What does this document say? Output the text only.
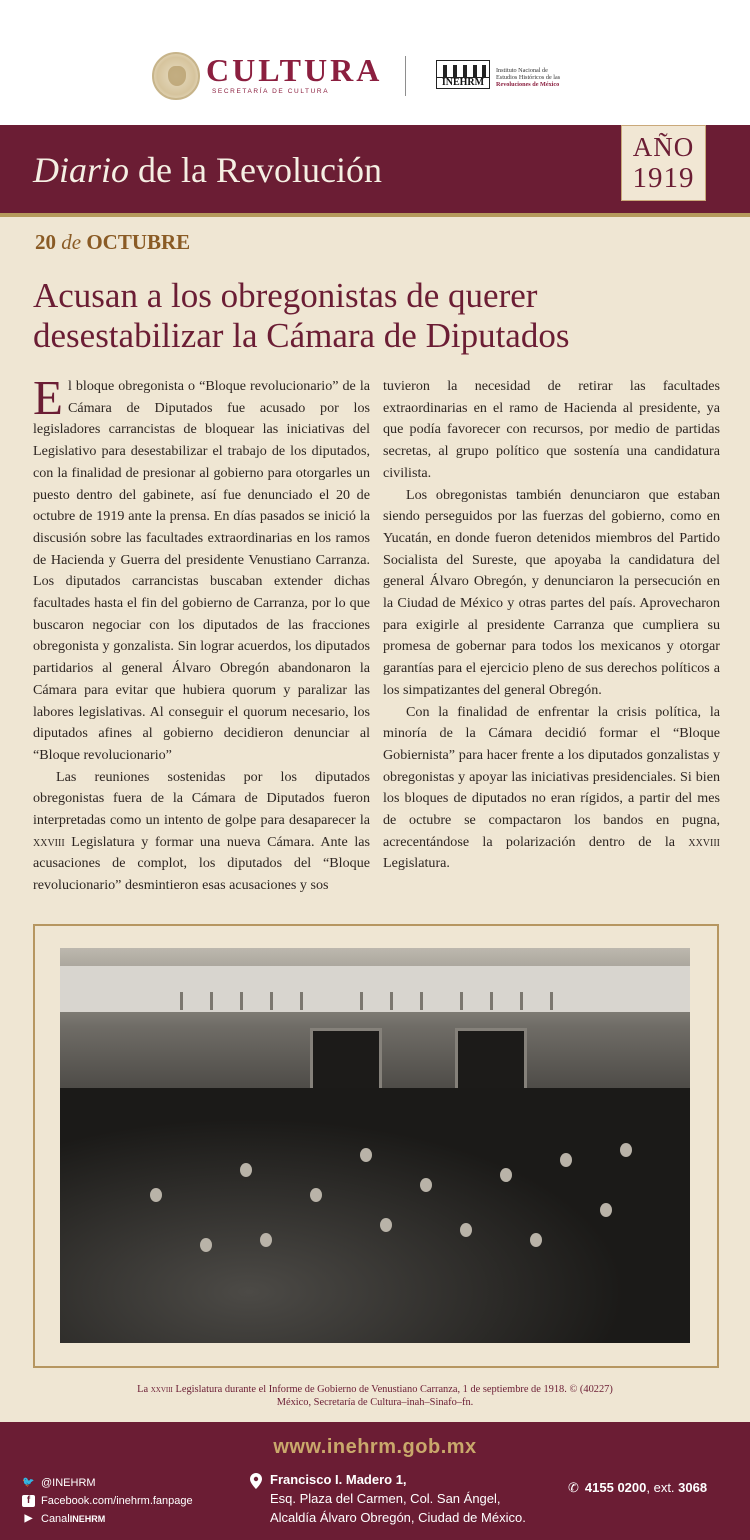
CULTURA
SECRETARÍA DE CULTURA
INEHRM
Instituto Nacional de
Estudios Históricos de las
Revoluciones de México
Diario de la Revolución
AÑO
1919
20 de OCTUBRE
Acusan a los obregonistas de querer desestabilizar la Cámara de Diputados

El bloque obregonista o “Bloque revolucionario” de la Cámara de Diputados fue acusado por los legisladores carrancistas de bloquear las iniciativas del Legislativo para desestabilizar el trabajo de los diputados, con la finalidad de presionar al gobierno para otorgarles un puesto dentro del gabinete, así fue denunciado el 20 de octubre de 1919 ante la prensa. En días pasados se inició la discusión sobre las facultades extraordinarias en los ramos de Hacienda y Guerra del presidente Venustiano Carranza. Los diputados carrancistas buscaban extender dichas facultades hasta el fin del gobierno de Carranza, por lo que buscaron negociar con los diputados de las fracciones obregonista y gonzalista. Sin lograr acuerdos, los diputados partidarios al general Álvaro Obregón abandonaron la Cámara para evitar que hubiera quorum y paralizar las labores legislativas. Al conseguir el quorum necesario, los diputados afines al gobierno decidieron denunciar al “Bloque revolucionario”

Las reuniones sostenidas por los diputados obregonistas fuera de la Cámara de Diputados fueron interpretadas como un intento de golpe para desaparecer la xxviii Legislatura y formar una nueva Cámara. Ante las acusaciones de complot, los diputados del “Bloque revolucionario” desmintieron esas acusaciones y sos

tuvieron la necesidad de retirar las facultades extraordinarias en el ramo de Hacienda al presidente, ya que podía favorecer con recursos, por medio de partidas secretas, al grupo político que sostenía una candidatura civilista.

Los obregonistas también denunciaron que estaban siendo perseguidos por las fuerzas del gobierno, como en Yucatán, en donde fueron detenidos miembros del Partido Socialista del Sureste, que apoyaba la candidatura del general Álvaro Obregón, y denunciaron la persecución en la Ciudad de México y otras partes del país. Aprovecharon para exigirle al presidente Carranza que cumpliera su promesa de gobernar para todos los mexicanos y otorgar garantías para el ejercicio pleno de sus derechos políticos a los simpatizantes del general Obregón.

Con la finalidad de enfrentar la crisis política, la minoría de la Cámara decidió formar el “Bloque Gobiernista” para hacer frente a los diputados gonzalistas y obregonistas y apoyar las iniciativas presidenciales. Si bien los bloques de diputados no eran rígidos, a partir del mes de octubre se compactaron los bandos en pugna, acrecentándose la polarización dentro de la xxviii Legislatura.

La xxviii Legislatura durante el Informe de Gobierno de Venustiano Carranza, 1 de septiembre de 1918. © (40227)
México, Secretaría de Cultura–inah–Sinafo–fn.
www.inehrm.gob.mx
🐦 @INEHRM
f Facebook.com/inehrm.fanpage
▶ Canal INEHRM
Francisco I. Madero 1,
Esq. Plaza del Carmen, Col. San Ángel,
Alcaldía Álvaro Obregón, Ciudad de México.
✆ 4155 0200, ext. 3068
